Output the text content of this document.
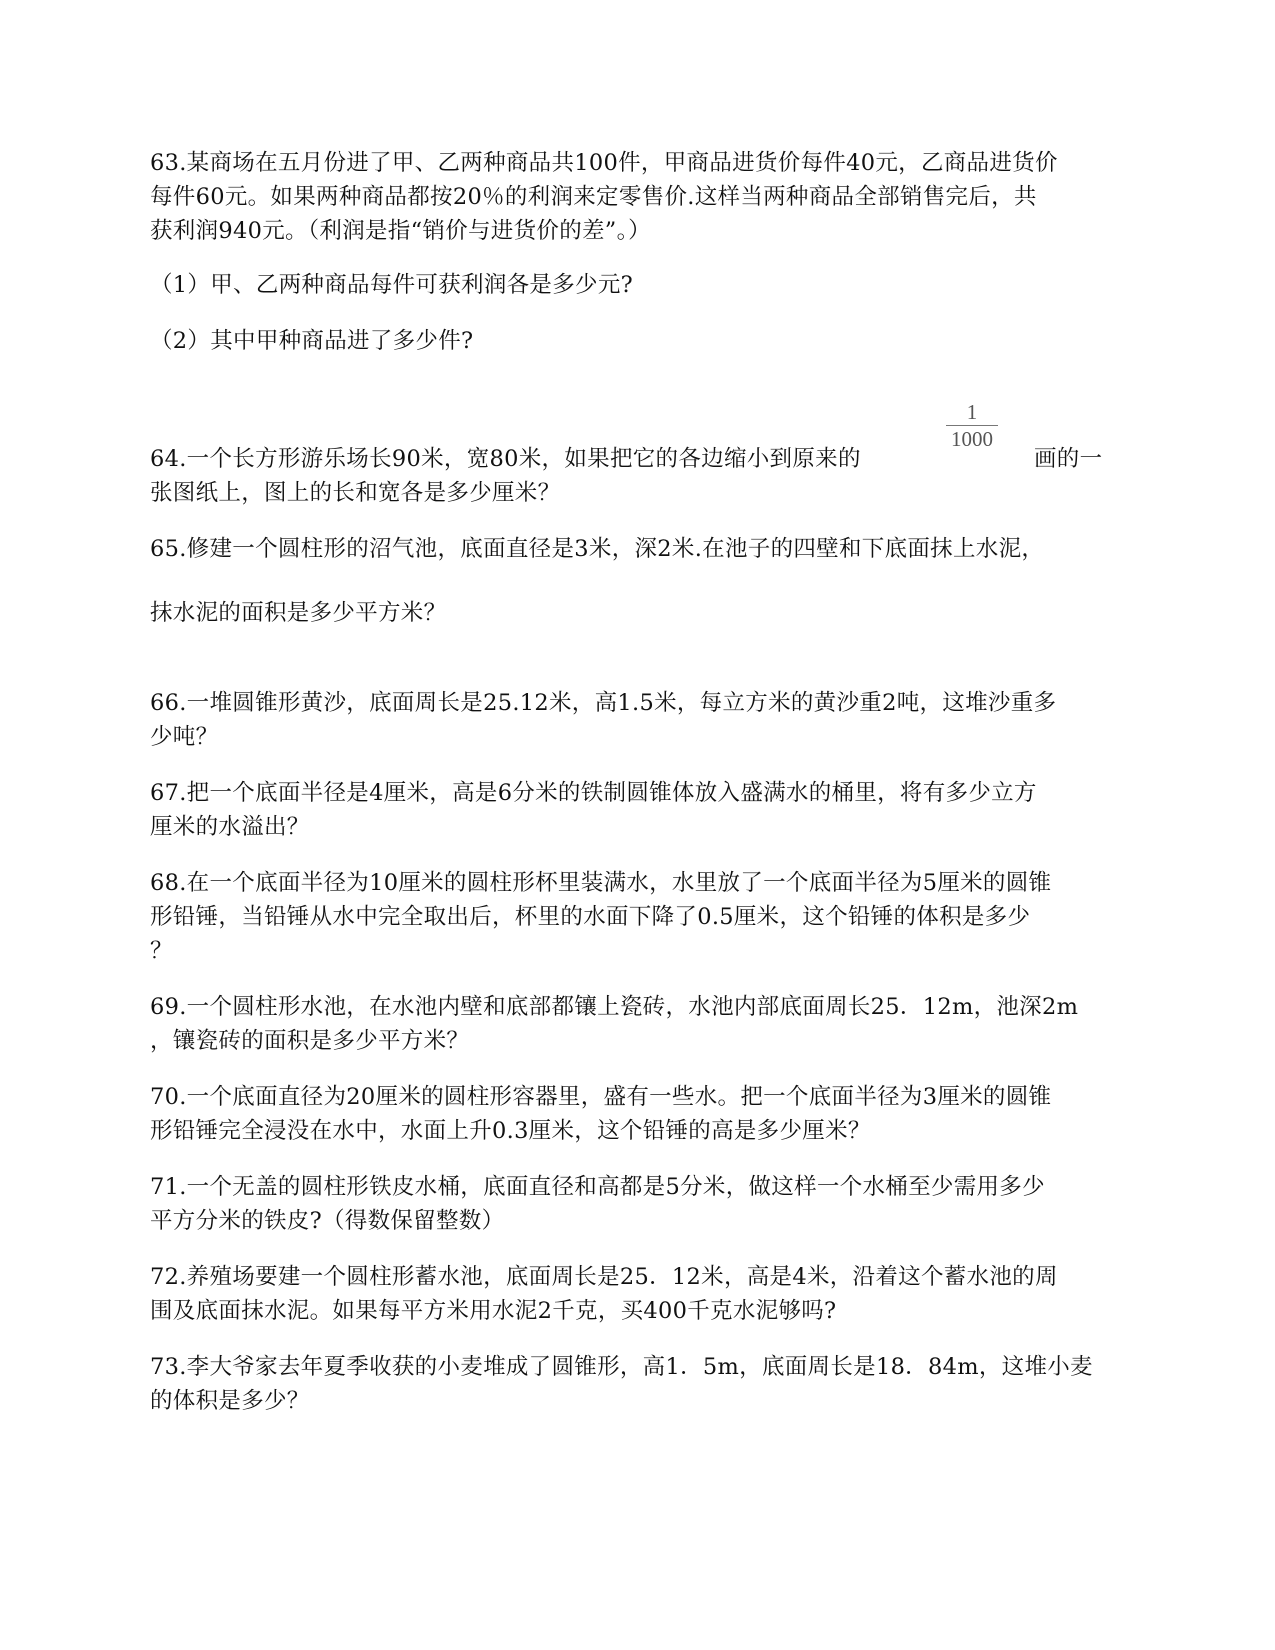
63.某商场在五月份进了甲、乙两种商品共100件，甲商品进货价每件40元，乙商品进货价
每件60元。如果两种商品都按20％的利润来定零售价.这样当两种商品全部销售完后，共
获利润940元。（利润是指“销价与进货价的差”。）
（1）甲、乙两种商品每件可获利润各是多少元?
（2）其中甲种商品进了多少件?
1
1000
64.一个长方形游乐场长90米，宽80米，如果把它的各边缩小到原来的	画的一
张图纸上，图上的长和宽各是多少厘米？
65.修建一个圆柱形的沼气池，底面直径是3米，深2米.在池子的四壁和下底面抹上水泥，
抹水泥的面积是多少平方米？
66.一堆圆锥形黄沙，底面周长是25.12米，高1.5米，每立方米的黄沙重2吨，这堆沙重多
少吨？
67.把一个底面半径是4厘米，高是6分米的铁制圆锥体放入盛满水的桶里，将有多少立方
厘米的水溢出？
68.在一个底面半径为10厘米的圆柱形杯里装满水，水里放了一个底面半径为5厘米的圆锥
形铅锤，当铅锤从水中完全取出后，杯里的水面下降了0.5厘米，这个铅锤的体积是多少
？
69.一个圆柱形水池，在水池内壁和底部都镶上瓷砖，水池内部底面周长25．12m，池深2m
，镶瓷砖的面积是多少平方米？
70.一个底面直径为20厘米的圆柱形容器里，盛有一些水。把一个底面半径为3厘米的圆锥
形铅锤完全浸没在水中，水面上升0.3厘米，这个铅锤的高是多少厘米？
71.一个无盖的圆柱形铁皮水桶，底面直径和高都是5分米，做这样一个水桶至少需用多少
平方分米的铁皮?（得数保留整数）
72.养殖场要建一个圆柱形蓄水池，底面周长是25．12米，高是4米，沿着这个蓄水池的周
围及底面抹水泥。如果每平方米用水泥2千克，买400千克水泥够吗?
73.李大爷家去年夏季收获的小麦堆成了圆锥形，高1．5m，底面周长是18．84m，这堆小麦
的体积是多少？
